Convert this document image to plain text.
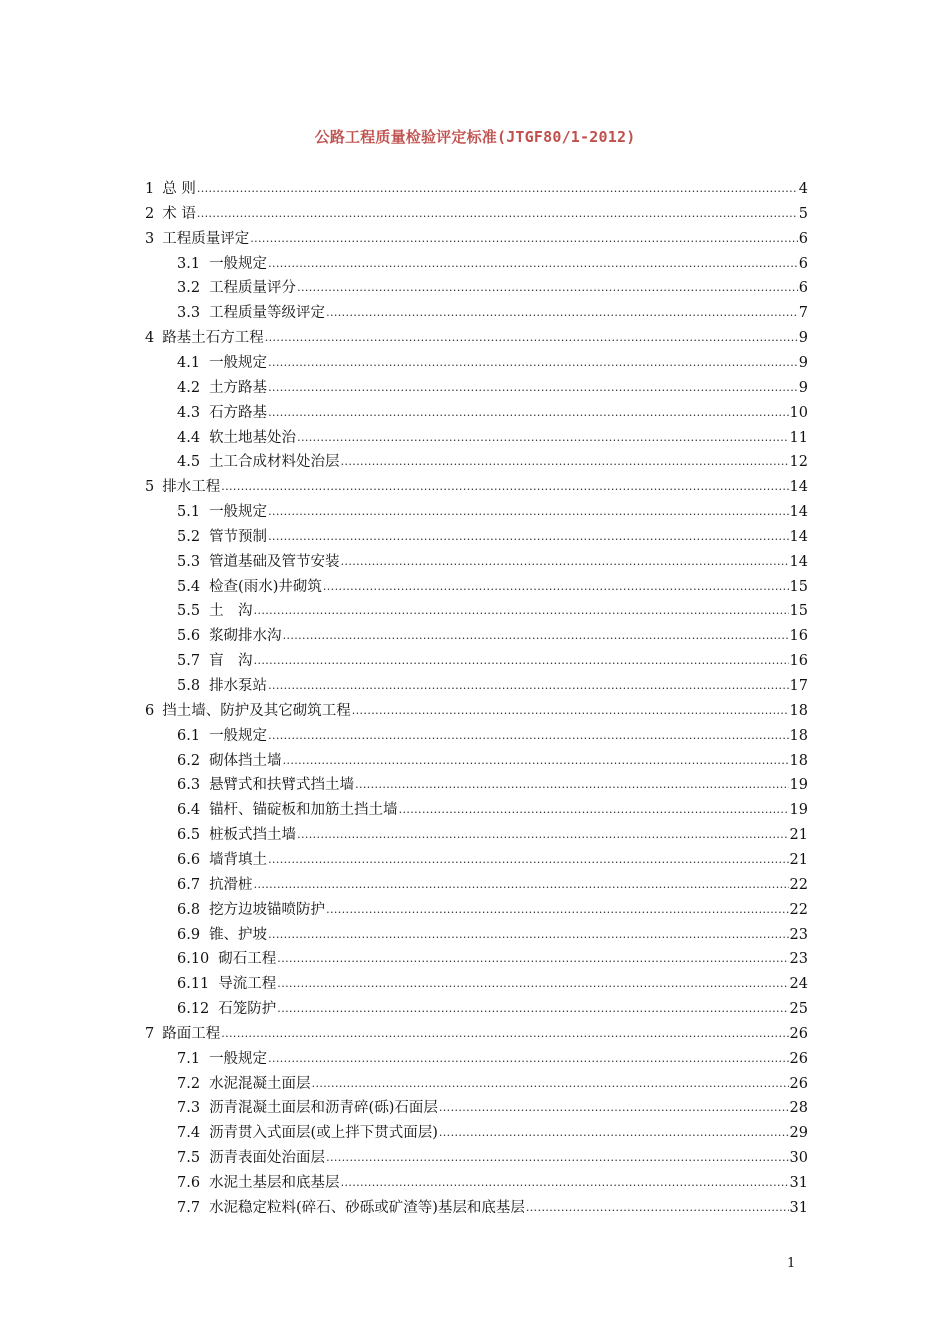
公路工程质量检验评定标准(JTGF80/1-2012)
1 总 则 .....	4
2 术 语 .....	5
3 工程质量评定 .....	6
3.1 一般规定 .....	6
3.2 工程质量评分 .....	6
3.3 工程质量等级评定 .....	7
4 路基土石方工程 .....	9
4.1 一般规定 .....	9
4.2 土方路基 .....	9
4.3 石方路基 .....	10
4.4 软土地基处治 .....	11
4.5 土工合成材料处治层 .....	12
5 排水工程 .....	14
5.1 一般规定 .....	14
5.2 管节预制 .....	14
5.3 管道基础及管节安装 .....	14
5.4 检查(雨水)井砌筑 .....	15
5.5 土　沟 .....	15
5.6 浆砌排水沟 .....	16
5.7 盲　沟 .....	16
5.8 排水泵站 .....	17
6 挡土墙、防护及其它砌筑工程 .....	18
6.1 一般规定 .....	18
6.2 砌体挡土墙 .....	18
6.3 悬臂式和扶臂式挡土墙 .....	19
6.4 锚杆、锚碇板和加筋土挡土墙 .....	19
6.5 桩板式挡土墙 .....	21
6.6 墙背填土 .....	21
6.7 抗滑桩 .....	22
6.8 挖方边坡锚喷防护 .....	22
6.9 锥、护坡 .....	23
6.10 砌石工程 .....	23
6.11 导流工程 .....	24
6.12 石笼防护 .....	25
7 路面工程 .....	26
7.1 一般规定 .....	26
7.2 水泥混凝土面层 .....	26
7.3 沥青混凝土面层和沥青碎(砾)石面层 .....	28
7.4 沥青贯入式面层(或上拌下贯式面层) .....	29
7.5 沥青表面处治面层 .....	30
7.6 水泥土基层和底基层 .....	31
7.7 水泥稳定粒料(碎石、砂砾或矿渣等)基层和底基层 .....	31
1
